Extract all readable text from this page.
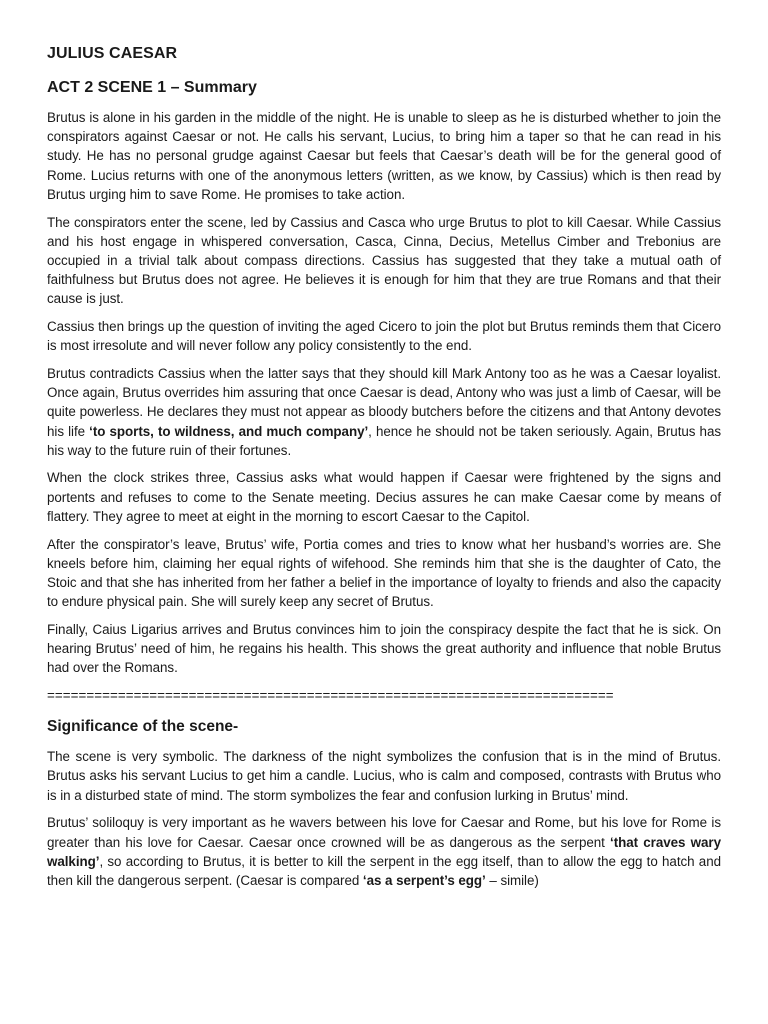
JULIUS CAESAR
ACT 2 SCENE 1 – Summary

Brutus is alone in his garden in the middle of the night. He is unable to sleep as he is disturbed whether to join the conspirators against Caesar or not. He calls his servant, Lucius, to bring him a taper so that he can read in his study. He has no personal grudge against Caesar but feels that Caesar’s death will be for the general good of Rome. Lucius returns with one of the anonymous letters (written, as we know, by Cassius) which is then read by Brutus urging him to save Rome. He promises to take action.

The conspirators enter the scene, led by Cassius and Casca who urge Brutus to plot to kill Caesar. While Cassius and his host engage in whispered conversation, Casca, Cinna, Decius, Metellus Cimber and Trebonius are occupied in a trivial talk about compass directions. Cassius has suggested that they take a mutual oath of faithfulness but Brutus does not agree. He believes it is enough for him that they are true Romans and that their cause is just.

Cassius then brings up the question of inviting the aged Cicero to join the plot but Brutus reminds them that Cicero is most irresolute and will never follow any policy consistently to the end.

Brutus contradicts Cassius when the latter says that they should kill Mark Antony too as he was a Caesar loyalist. Once again, Brutus overrides him assuring that once Caesar is dead, Antony who was just a limb of Caesar, will be quite powerless. He declares they must not appear as bloody butchers before the citizens and that Antony devotes his life ‘to sports, to wildness, and much company’, hence he should not be taken seriously. Again, Brutus has his way to the future ruin of their fortunes.

When the clock strikes three, Cassius asks what would happen if Caesar were frightened by the signs and portents and refuses to come to the Senate meeting. Decius assures he can make Caesar come by means of flattery. They agree to meet at eight in the morning to escort Caesar to the Capitol.

After the conspirator’s leave, Brutus’ wife, Portia comes and tries to know what her husband’s worries are. She kneels before him, claiming her equal rights of wifehood. She reminds him that she is the daughter of Cato, the Stoic and that she has inherited from her father a belief in the importance of loyalty to friends and also the capacity to endure physical pain. She will surely keep any secret of Brutus.

Finally, Caius Ligarius arrives and Brutus convinces him to join the conspiracy despite the fact that he is sick. On hearing Brutus’ need of him, he regains his health. This shows the great authority and influence that noble Brutus had over the Romans.

========================================================================
Significance of the scene-

The scene is very symbolic. The darkness of the night symbolizes the confusion that is in the mind of Brutus. Brutus asks his servant Lucius to get him a candle. Lucius, who is calm and composed, contrasts with Brutus who is in a disturbed state of mind. The storm symbolizes the fear and confusion lurking in Brutus’ mind.

Brutus’ soliloquy is very important as he wavers between his love for Caesar and Rome, but his love for Rome is greater than his love for Caesar. Caesar once crowned will be as dangerous as the serpent ‘that craves wary walking’, so according to Brutus, it is better to kill the serpent in the egg itself, than to allow the egg to hatch and then kill the dangerous serpent. (Caesar is compared ‘as a serpent’s egg’ – simile)
